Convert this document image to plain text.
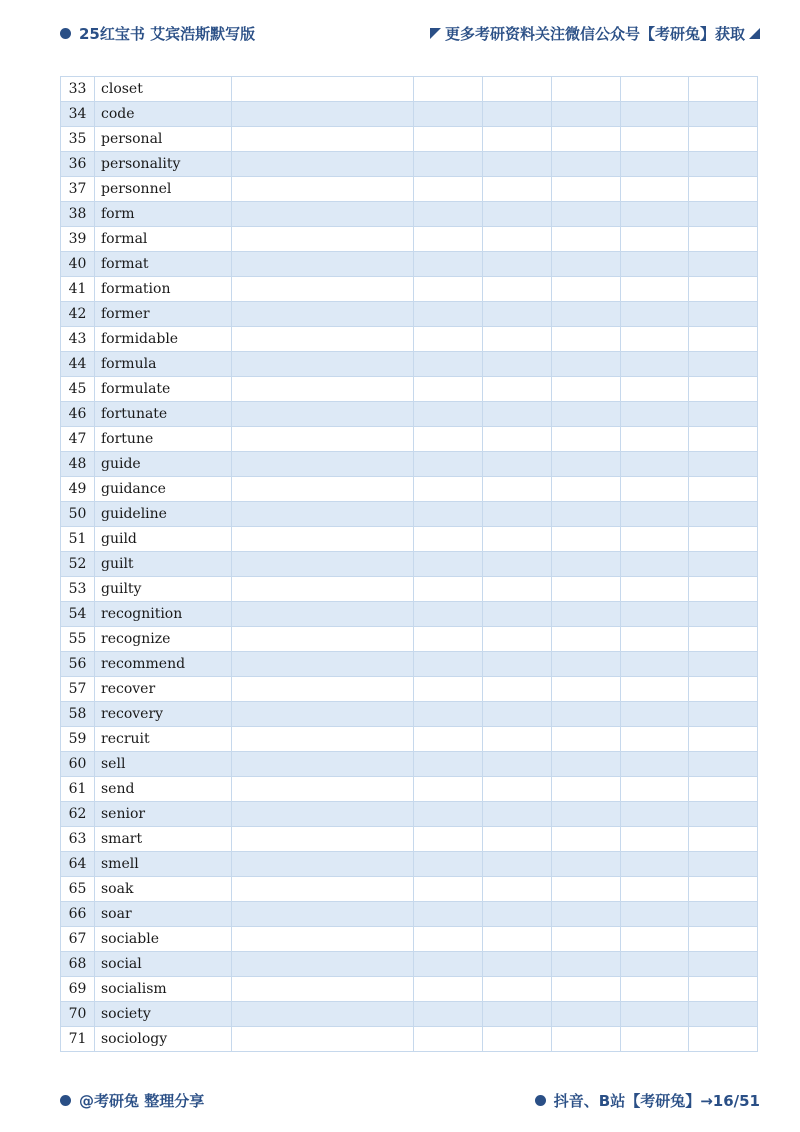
25红宝书 艾宾浩斯默写版	更多考研资料关注微信公众号【考研兔】获取
33	closet						
34	code						
35	personal						
36	personality						
37	personnel						
38	form						
39	formal						
40	format						
41	formation						
42	former						
43	formidable						
44	formula						
45	formulate						
46	fortunate						
47	fortune						
48	guide						
49	guidance						
50	guideline						
51	guild						
52	guilt						
53	guilty						
54	recognition						
55	recognize						
56	recommend						
57	recover						
58	recovery						
59	recruit						
60	sell						
61	send						
62	senior						
63	smart						
64	smell						
65	soak						
66	soar						
67	sociable						
68	social						
69	socialism						
70	society						
71	sociology						
@考研兔 整理分享	抖音、B站【考研兔】→16/51
